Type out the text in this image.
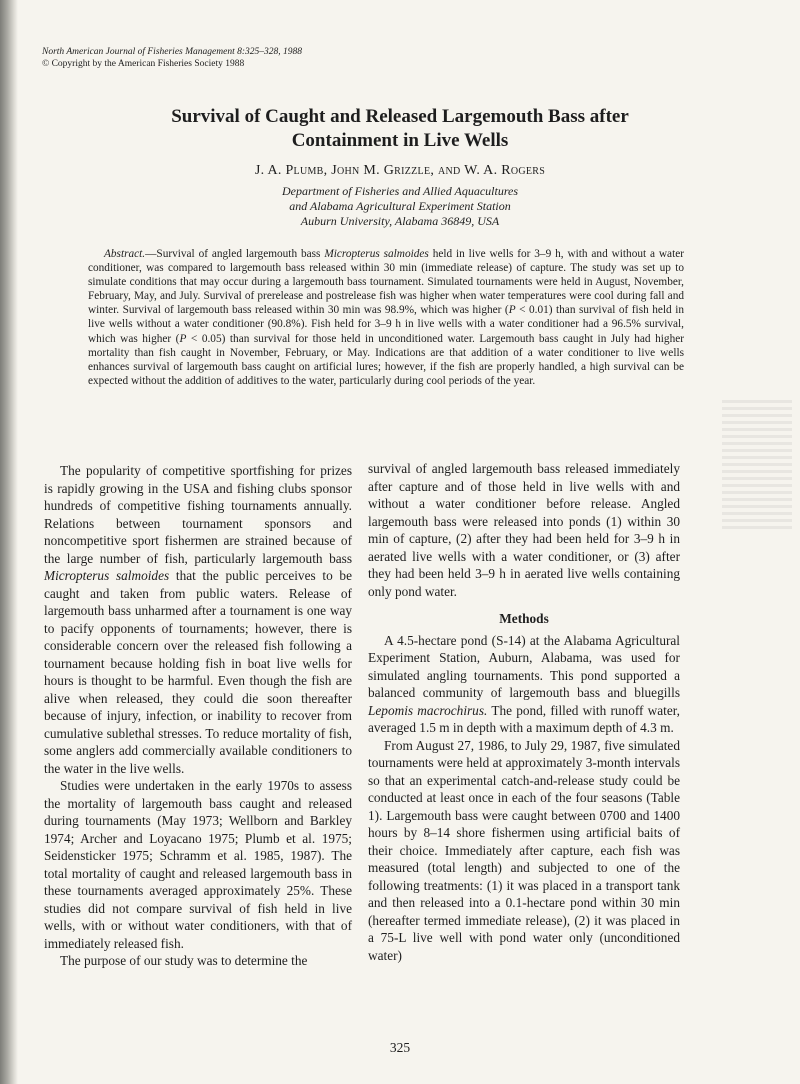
North American Journal of Fisheries Management 8:325–328, 1988
© Copyright by the American Fisheries Society 1988
Survival of Caught and Released Largemouth Bass after
Containment in Live Wells
J. A. Plumb, John M. Grizzle, and W. A. Rogers
Department of Fisheries and Allied Aquacultures
and Alabama Agricultural Experiment Station
Auburn University, Alabama 36849, USA

Abstract.—Survival of angled largemouth bass Micropterus salmoides held in live wells for 3–9 h, with and without a water conditioner, was compared to largemouth bass released within 30 min (immediate release) of capture. The study was set up to simulate conditions that may occur during a largemouth bass tournament. Simulated tournaments were held in August, November, February, May, and July. Survival of prerelease and postrelease fish was higher when water temperatures were cool during fall and winter. Survival of largemouth bass released within 30 min was 98.9%, which was higher (P < 0.01) than survival of fish held in live wells without a water conditioner (90.8%). Fish held for 3–9 h in live wells with a water conditioner had a 96.5% survival, which was higher (P < 0.05) than survival for those held in unconditioned water. Largemouth bass caught in July had higher mortality than fish caught in November, February, or May. Indications are that addition of a water conditioner to live wells enhances survival of largemouth bass caught on artificial lures; however, if the fish are properly handled, a high survival can be expected without the addition of additives to the water, particularly during cool periods of the year.

The popularity of competitive sportfishing for prizes is rapidly growing in the USA and fishing clubs sponsor hundreds of competitive fishing tournaments annually. Relations between tournament sponsors and noncompetitive sport fishermen are strained because of the large number of fish, particularly largemouth bass Micropterus salmoides that the public perceives to be caught and taken from public waters. Release of largemouth bass unharmed after a tournament is one way to pacify opponents of tournaments; however, there is considerable concern over the released fish following a tournament because holding fish in boat live wells for hours is thought to be harmful. Even though the fish are alive when released, they could die soon thereafter because of injury, infection, or inability to recover from cumulative sublethal stresses. To reduce mortality of fish, some anglers add commercially available conditioners to the water in the live wells.

Studies were undertaken in the early 1970s to assess the mortality of largemouth bass caught and released during tournaments (May 1973; Wellborn and Barkley 1974; Archer and Loyacano 1975; Plumb et al. 1975; Seidensticker 1975; Schramm et al. 1985, 1987). The total mortality of caught and released largemouth bass in these tournaments averaged approximately 25%. These studies did not compare survival of fish held in live wells, with or without water conditioners, with that of immediately released fish.

The purpose of our study was to determine the

survival of angled largemouth bass released immediately after capture and of those held in live wells with and without a water conditioner before release. Angled largemouth bass were released into ponds (1) within 30 min of capture, (2) after they had been held for 3–9 h in aerated live wells with a water conditioner, or (3) after they had been held 3–9 h in aerated live wells containing only pond water.

Methods

A 4.5-hectare pond (S-14) at the Alabama Agricultural Experiment Station, Auburn, Alabama, was used for simulated angling tournaments. This pond supported a balanced community of largemouth bass and bluegills Lepomis macrochirus. The pond, filled with runoff water, averaged 1.5 m in depth with a maximum depth of 4.3 m.

From August 27, 1986, to July 29, 1987, five simulated tournaments were held at approximately 3-month intervals so that an experimental catch-and-release study could be conducted at least once in each of the four seasons (Table 1). Largemouth bass were caught between 0700 and 1400 hours by 8–14 shore fishermen using artificial baits of their choice. Immediately after capture, each fish was measured (total length) and subjected to one of the following treatments: (1) it was placed in a transport tank and then released into a 0.1-hectare pond within 30 min (hereafter termed immediate release), (2) it was placed in a 75-L live well with pond water only (unconditioned water)

325
